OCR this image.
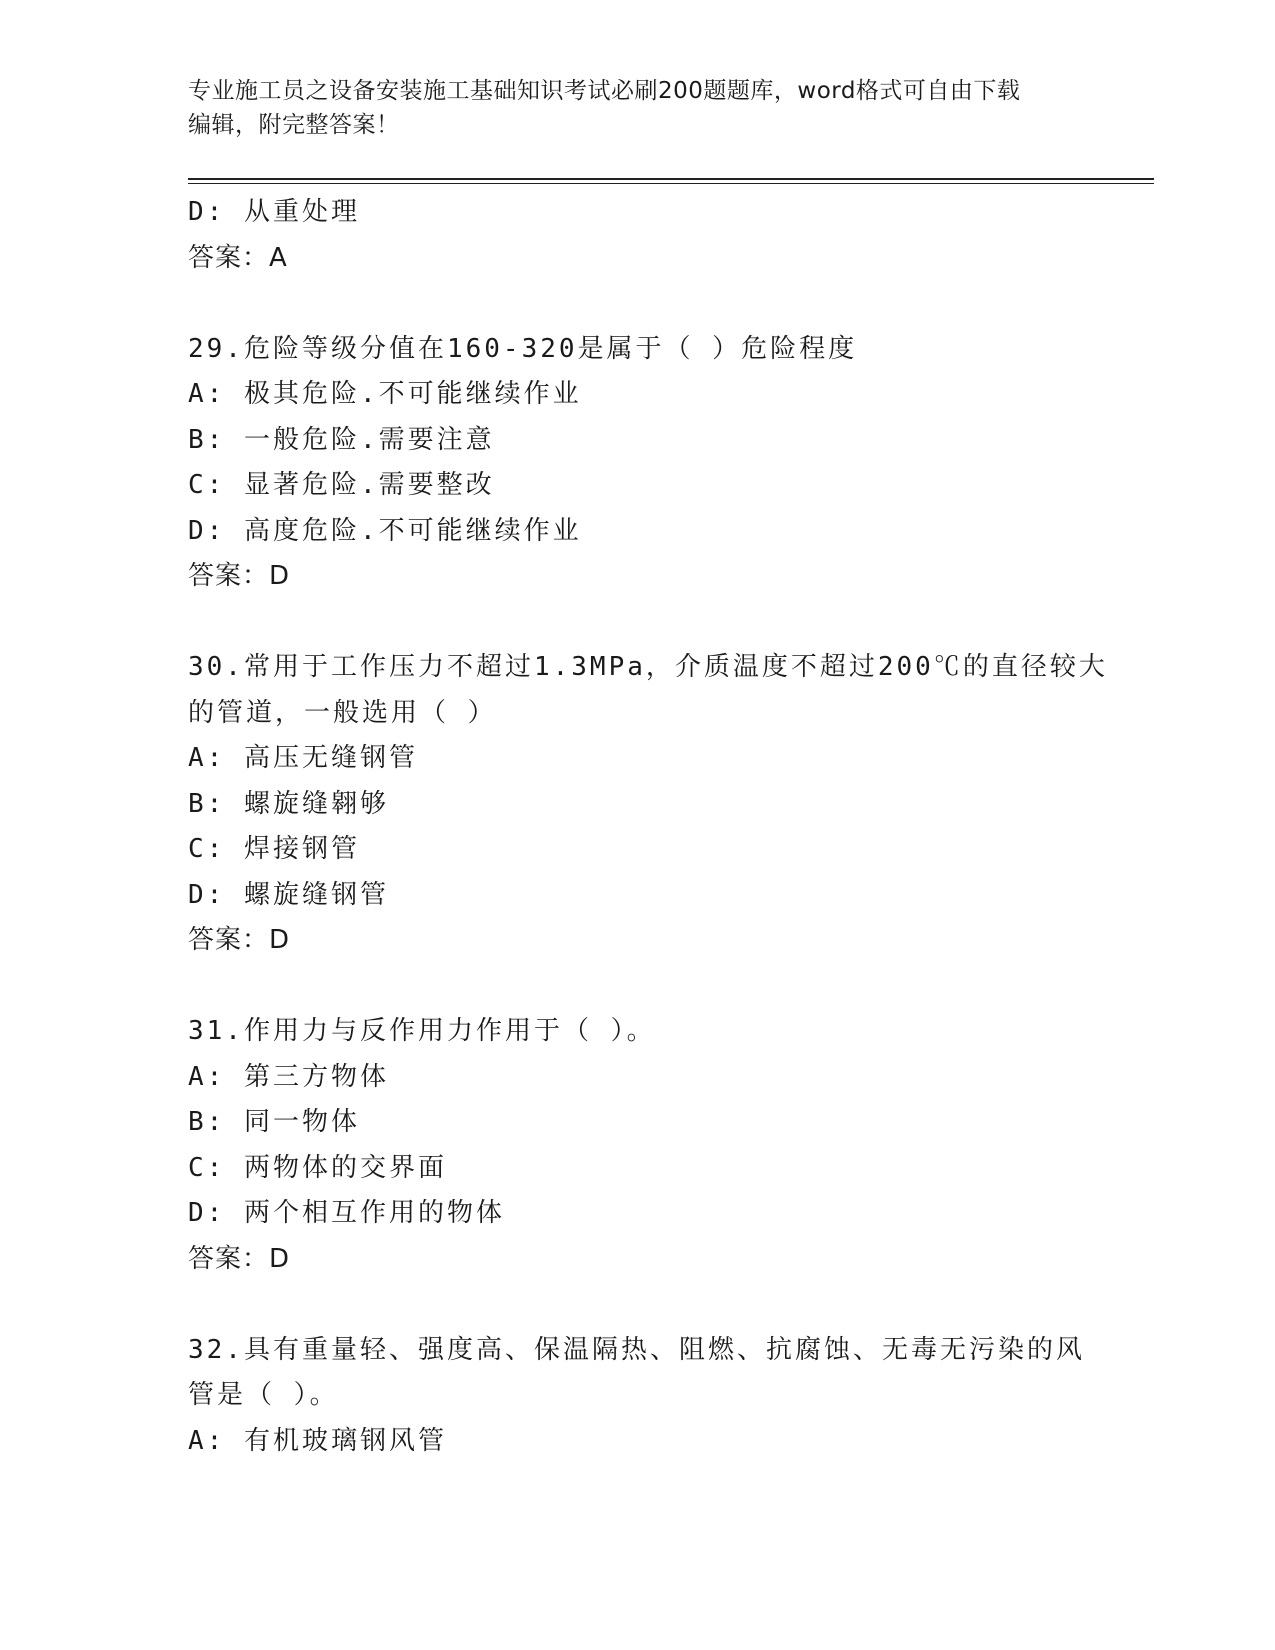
专业施工员之设备安装施工基础知识考试必刷200题题库，word格式可自由下载
编辑，附完整答案！
D: 从重处理
答案：A
29.危险等级分值在160-320是属于（ ）危险程度
A: 极其危险.不可能继续作业
B: 一般危险.需要注意
C: 显著危险.需要整改
D: 高度危险.不可能继续作业
答案：D
30.常用于工作压力不超过1.3MPa，介质温度不超过200℃的直径较大
的管道，一般选用（ ）
A: 高压无缝钢管
B: 螺旋缝翱够
C: 焊接钢管
D: 螺旋缝钢管
答案：D
31.作用力与反作用力作用于（ ）。
A: 第三方物体
B: 同一物体
C: 两物体的交界面
D: 两个相互作用的物体
答案：D
32.具有重量轻、强度高、保温隔热、阻燃、抗腐蚀、无毒无污染的风
管是（ ）。
A: 有机玻璃钢风管
